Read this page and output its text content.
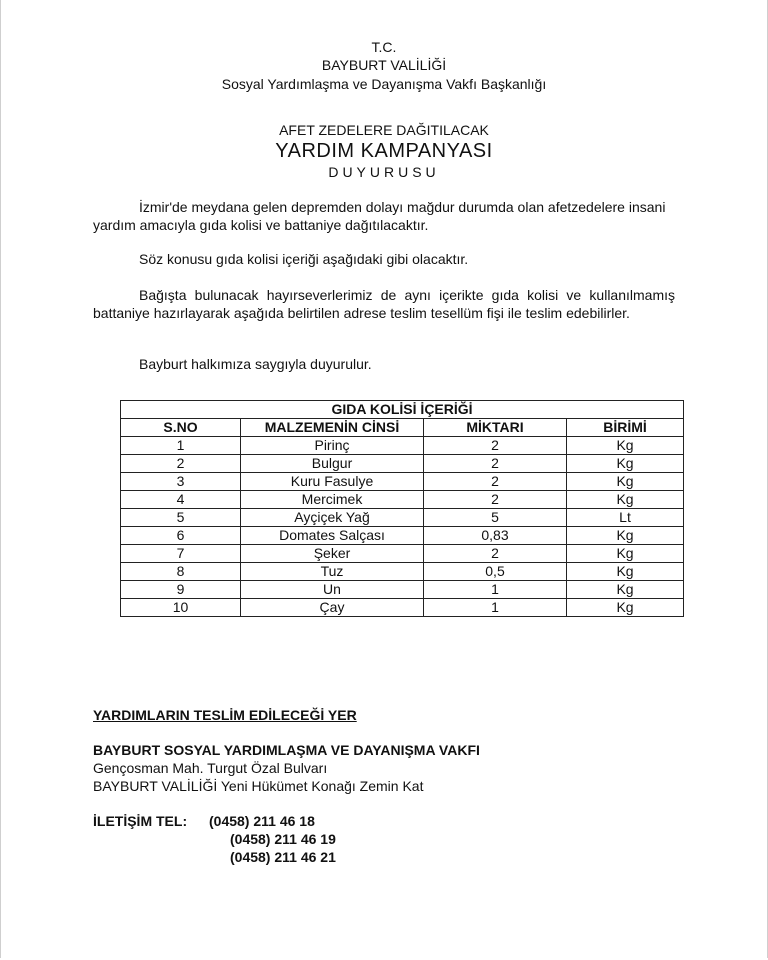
T.C.
BAYBURT VALİLİĞİ
Sosyal Yardımlaşma ve Dayanışma Vakfı Başkanlığı
AFET ZEDELERE DAĞITILACAK
YARDIM KAMPANYASI
DUYURUSU
İzmir'de meydana gelen depremden dolayı mağdur durumda olan afetzedelere insani yardım amacıyla gıda kolisi ve battaniye dağıtılacaktır.
Söz konusu gıda kolisi içeriği aşağıdaki gibi olacaktır.
Bağışta bulunacak hayırseverlerimiz de aynı içerikte gıda kolisi ve kullanılmamış battaniye hazırlayarak aşağıda belirtilen adrese teslim tesellüm fişi ile teslim edebilirler.
Bayburt halkımıza saygıyla duyurulur.
GIDA KOLİSİ İÇERİĞİ			
S.NO	MALZEMENİN CİNSİ	MİKTARI	BİRİMİ
1	Pirinç	2	Kg
2	Bulgur	2	Kg
3	Kuru Fasulye	2	Kg
4	Mercimek	2	Kg
5	Ayçiçek Yağ	5	Lt
6	Domates Salçası	0,83	Kg
7	Şeker	2	Kg
8	Tuz	0,5	Kg
9	Un	1	Kg
10	Çay	1	Kg
YARDIMLARIN TESLİM EDİLECEĞİ YER
BAYBURT SOSYAL YARDIMLAŞMA VE DAYANIŞMA VAKFI
Gençosman Mah. Turgut Özal Bulvarı
BAYBURT VALİLİĞİ Yeni Hükümet Konağı Zemin Kat
İLETİŞİM TEL: (0458) 211 46 18
(0458) 211 46 19
(0458) 211 46 21
